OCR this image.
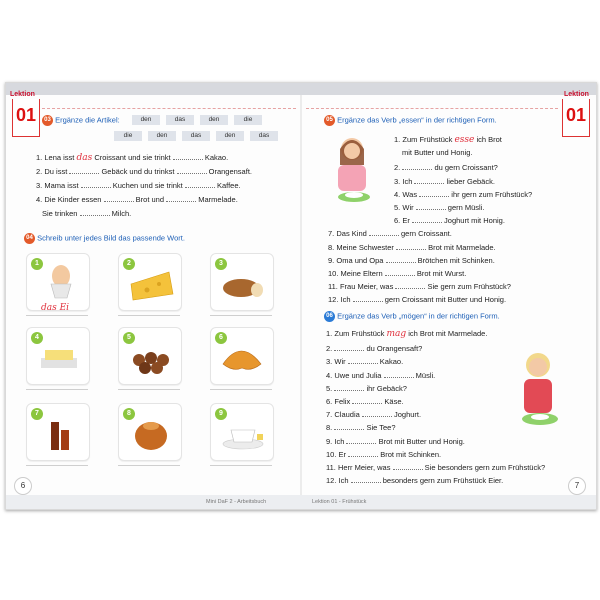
Lektion
01
Lektion
01
03 Ergänze die Artikel:	den	das	den	die
die	den	das	den	das
1. Lena isst das Croissant und sie trinkt	Kakao.
2. Du isst	Gebäck und du trinkst	Orangensaft.
3. Mama isst	Kuchen und sie trinkt	Kaffee.
4. Die Kinder essen	Brot und	Marmelade.
Sie trinken	Milch.
04 Schreib unter jedes Bild das passende Wort.
1
das Ei
2	3
4	5	6
7	8	9
05 Ergänze das Verb „essen“ in der richtigen Form.
1. Zum Frühstück esse ich Brot
mit Butter und Honig.
2.	du gern Croissant?
3. Ich	lieber Gebäck.
4. Was	ihr gern zum Frühstück?
5. Wir	gern Müsli.
6. Er	Joghurt mit Honig.
7. Das Kind	gern Croissant.
8. Meine Schwester	Brot mit Marmelade.
9. Oma und Opa	Brötchen mit Schinken.
10. Meine Eltern	Brot mit Wurst.
11. Frau Meier, was	Sie gern zum Frühstück?
12. Ich	gern Croissant mit Butter und Honig.
06 Ergänze das Verb „mögen“ in der richtigen Form.
1. Zum Frühstück mag ich Brot mit Marmelade.
2.	du Orangensaft?
3. Wir	Kakao.
4. Uwe und Julia	Müsli.
5.	ihr Gebäck?
6. Felix	Käse.
7. Claudia	Joghurt.
8.	Sie Tee?
9. Ich	Brot mit Butter und Honig.
10. Er	Brot mit Schinken.
11. Herr Meier, was	Sie besonders gern zum Frühstück?
12. Ich	besonders gern zum Frühstück Eier.
6	7
Mini DaF 2 - Arbeitsbuch	Lektion 01 - Frühstück
